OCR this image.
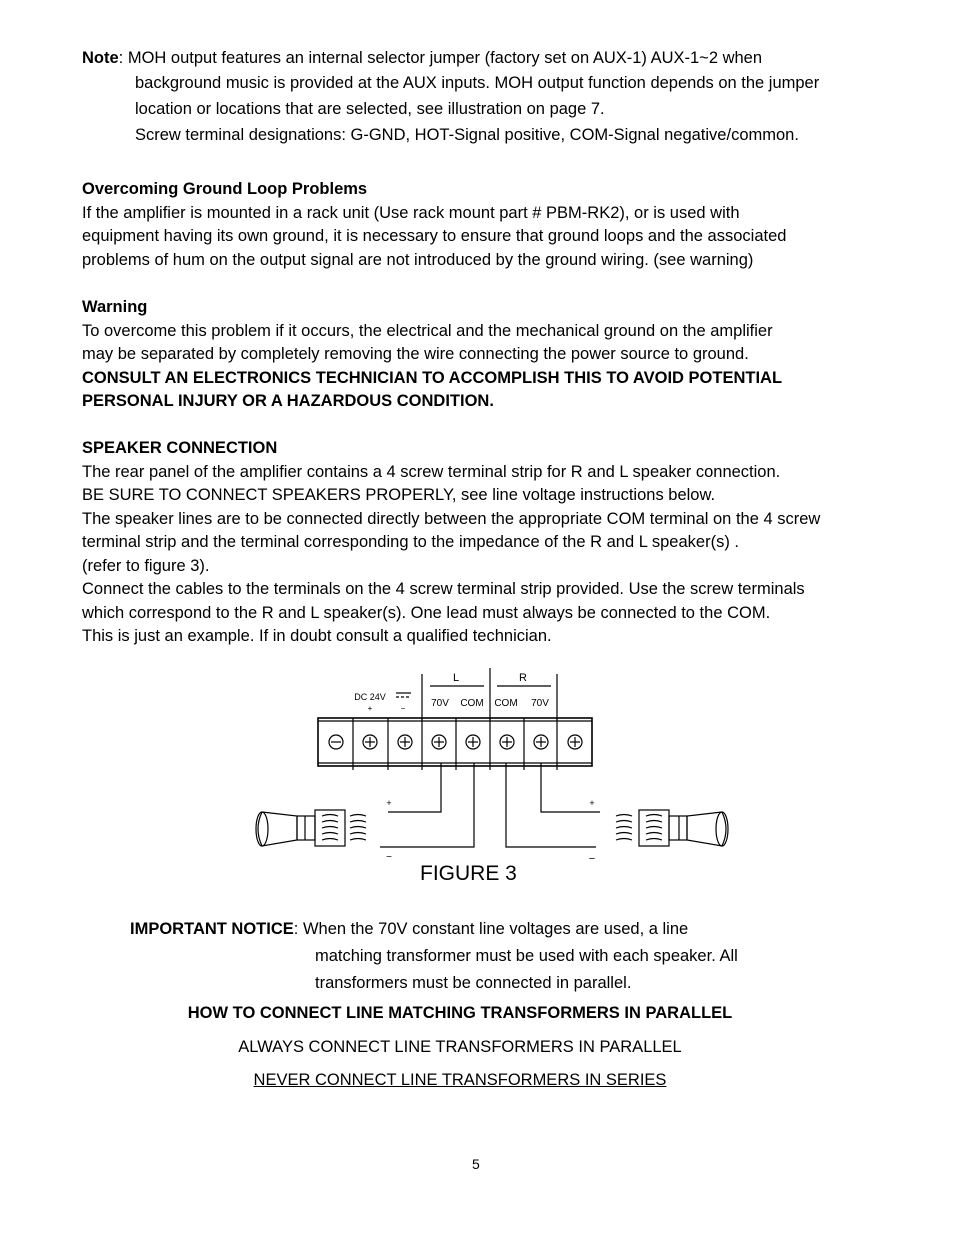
Note: MOH output features an internal selector jumper (factory set on AUX-1) AUX-1~2 when
background music is provided at the AUX inputs. MOH output function depends on the jumper
location or locations that are selected, see illustration on page 7.
Screw terminal designations: G-GND, HOT-Signal positive, COM-Signal negative/common.
Overcoming Ground Loop Problems
If the amplifier is mounted in a rack unit (Use rack mount part # PBM-RK2), or is used with
equipment having its own ground, it is necessary to ensure that ground loops and the associated
problems of hum on the output signal are not introduced by the ground wiring. (see warning)
Warning
To overcome this problem if it occurs, the electrical and the mechanical ground on the amplifier
may be separated by completely removing the wire connecting the power source to ground.
CONSULT AN ELECTRONICS TECHNICIAN TO ACCOMPLISH THIS TO AVOID POTENTIAL
PERSONAL INJURY OR A HAZARDOUS CONDITION.
SPEAKER CONNECTION
The rear panel of the amplifier contains a 4 screw terminal strip for R and L speaker connection.
BE SURE TO CONNECT SPEAKERS PROPERLY, see line voltage instructions below.
The speaker lines are to be connected directly between the appropriate COM terminal on the 4 screw
terminal strip and the terminal corresponding to the impedance of the R and L speaker(s) .
(refer to figure 3).
Connect the cables to the terminals on the 4 screw terminal strip provided. Use the screw terminals
which correspond to the R and L speaker(s). One lead must always be connected to the COM.
This is just an example. If in doubt consult a qualified technician.
DC 24V
+	−
L	R
70V COM COM 70V
+
−
+
−
FIGURE 3
IMPORTANT NOTICE: When the 70V constant line voltages are used, a line
matching transformer must be used with each speaker. All
transformers must be connected in parallel.
HOW TO CONNECT LINE MATCHING TRANSFORMERS IN PARALLEL
ALWAYS CONNECT LINE TRANSFORMERS IN PARALLEL
NEVER CONNECT LINE TRANSFORMERS IN SERIES
5
